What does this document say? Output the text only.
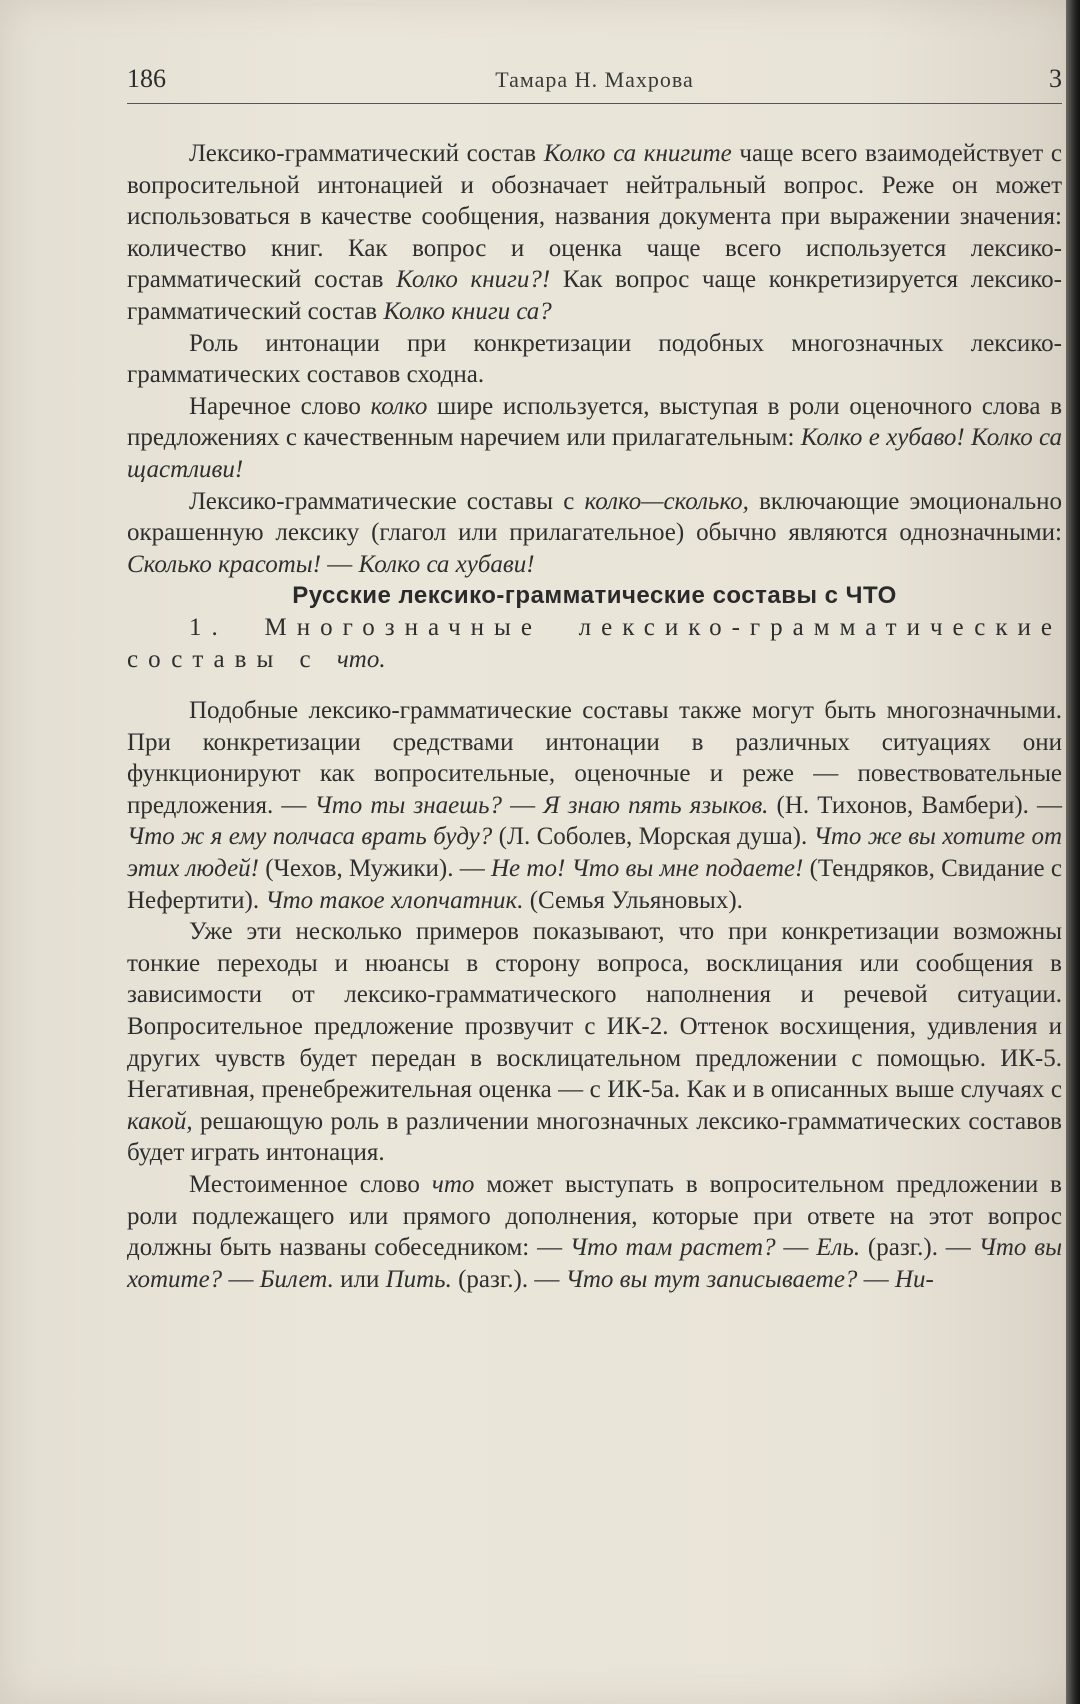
186	Тамара Н. Махрова	3

Лексико-грамматический состав Колко са книгите чаще всего взаимодействует с вопросительной интонацией и обозначает нейтральный вопрос. Реже он может использоваться в качестве сообщения, названия документа при выражении значения: количество книг. Как вопрос и оценка чаще всего используется лексико-грамматический состав Колко книги?! Как вопрос чаще конкретизируется лексико-грамматический состав Колко книги са?

Роль интонации при конкретизации подобных многозначных лексико-грамматических составов сходна.

Наречное слово колко шире используется, выступая в роли оценочного слова в предложениях с качественным наречием или прилагательным: Колко е хубаво! Колко са щастливи!

Лексико-грамматические составы с колко—сколько, включающие эмоционально окрашенную лексику (глагол или прилагательное) обычно являются однозначными: Сколько красоты! — Колко са хубави!

Русские лексико-грамматические составы с ЧТО

1. Многозначные лексико-грамматические составы с что.

Подобные лексико-грамматические составы также могут быть многозначными. При конкретизации средствами интонации в различных ситуациях они функционируют как вопросительные, оценочные и реже — повествовательные предложения. — Что ты знаешь? — Я знаю пять языков. (Н. Тихонов, Вамбери). — Что ж я ему полчаса врать буду? (Л. Соболев, Морская душа). Что же вы хотите от этих людей! (Чехов, Мужики). — Не то! Что вы мне подаете! (Тендряков, Свидание с Нефертити). Что такое хлопчатник. (Семья Ульяновых).

Уже эти несколько примеров показывают, что при конкретизации возможны тонкие переходы и нюансы в сторону вопроса, восклицания или сообщения в зависимости от лексико-грамматического наполнения и речевой ситуации. Вопросительное предложение прозвучит с ИК-2. Оттенок восхищения, удивления и других чувств будет передан в восклицательном предложении с помощью. ИК-5. Негативная, пренебрежительная оценка — с ИК-5а. Как и в описанных выше случаях с какой, решающую роль в различении многозначных лексико-грамматических составов будет играть интонация.

Местоименное слово что может выступать в вопросительном предложении в роли подлежащего или прямого дополнения, которые при ответе на этот вопрос должны быть названы собеседником: — Что там растет? — Ель. (разг.). — Что вы хотите? — Билет. или Пить. (разг.). — Что вы тут записываете? — Ни-
